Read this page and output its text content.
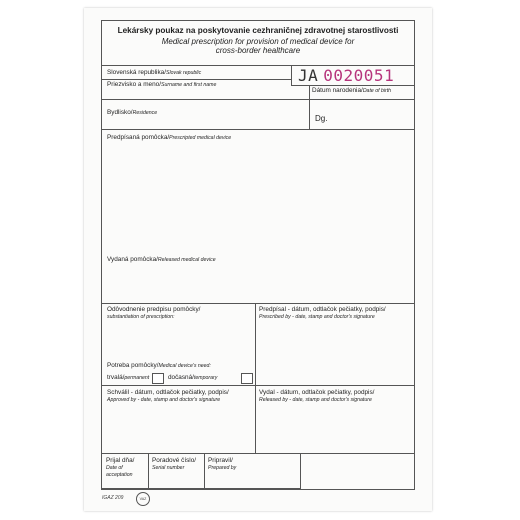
Lekársky poukaz na poskytovanie cezhraničnej zdravotnej starostlivosti
Medical prescription for provision of medical device for
cross-border healthcare
Slovenská republika/Slovak republic	JA 0020051
Priezvisko a meno/Surname and first name
Dátum narodenia/Date of birth
Bydlisko/Residence
Dg.
Predpísaná pomôcka/Prescripted medical device
Vydaná pomôcka/Released medical device
Odôvodnenie predpisu pomôcky/
substantiation of prescription:
Predpísal - dátum, odtlačok pečiatky, podpis/
Prescribed by - date, stamp and doctor's signature
Potreba pomôcky/Medical device's need:
trvalá/permanent	dočasná/temporary
Schválil - dátum, odtlačok pečiatky, podpis/
Approved by - date, stamp and doctor's signature
Vydal - dátum, odtlačok pečiatky, podpis/
Released by - date, stamp and doctor's signature
Prijal dňa/
Date of
acceptation
Poradové číslo/
Serial number
Pripravil/
Prepared by
IGAZ 209	VAZ
